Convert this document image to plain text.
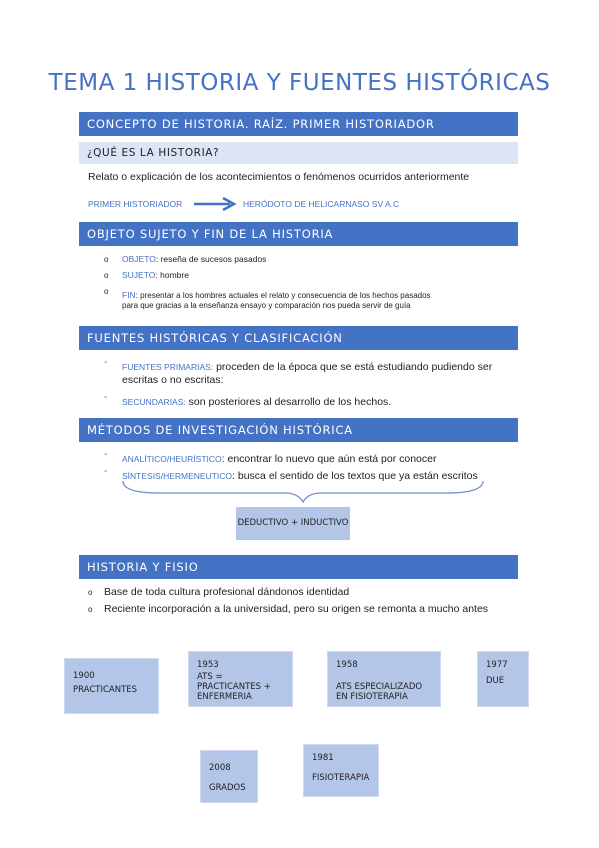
TEMA 1 HISTORIA Y FUENTES HISTÓRICAS
CONCEPTO DE HISTORIA. RAÍZ. PRIMER HISTORIADOR
¿QUÉ ES LA HISTORIA?
Relato o explicación de los acontecimientos o fenómenos ocurridos anteriormente
PRIMER HISTORIADOR	HERÓDOTO DE HELICARNASO SV A.C
OBJETO SUJETO Y FIN DE LA HISTORIA
o OBJETO: reseña de sucesos pasados
o SUJETO: hombre
o FIN: presentar a los hombres actuales el relato y consecuencia de los hechos pasados
para que gracias a la enseñanza ensayo y comparación nos pueda servir de guía
FUENTES HISTÓRICAS Y CLASIFICACIÓN
- FUENTES PRIMARIAS: proceden de la época que se está estudiando pudiendo ser
escritas o no escritas:
- SECUNDARIAS: son posteriores al desarrollo de los hechos.
MÉTODOS DE INVESTIGACIÓN HISTÓRICA
- ANALÍTICO/HEURÍSTICO: encontrar lo nuevo que aún está por conocer
- SÍNTESIS/HERMENEUTICO: busca el sentido de los textos que ya están escritos
DEDUCTIVO + INDUCTIVO
HISTORIA Y FISIO
o Base de toda cultura profesional dándonos identidad
o Reciente incorporación a la universidad, pero su origen se remonta a mucho antes
1900
PRACTICANTES
1953
ATS = PRACTICANTES + ENFERMERIA
1958
ATS ESPECIALIZADO EN FISIOTERAPIA
1977
DUE
2008
GRADOS
1981
FISIOTERAPIA
